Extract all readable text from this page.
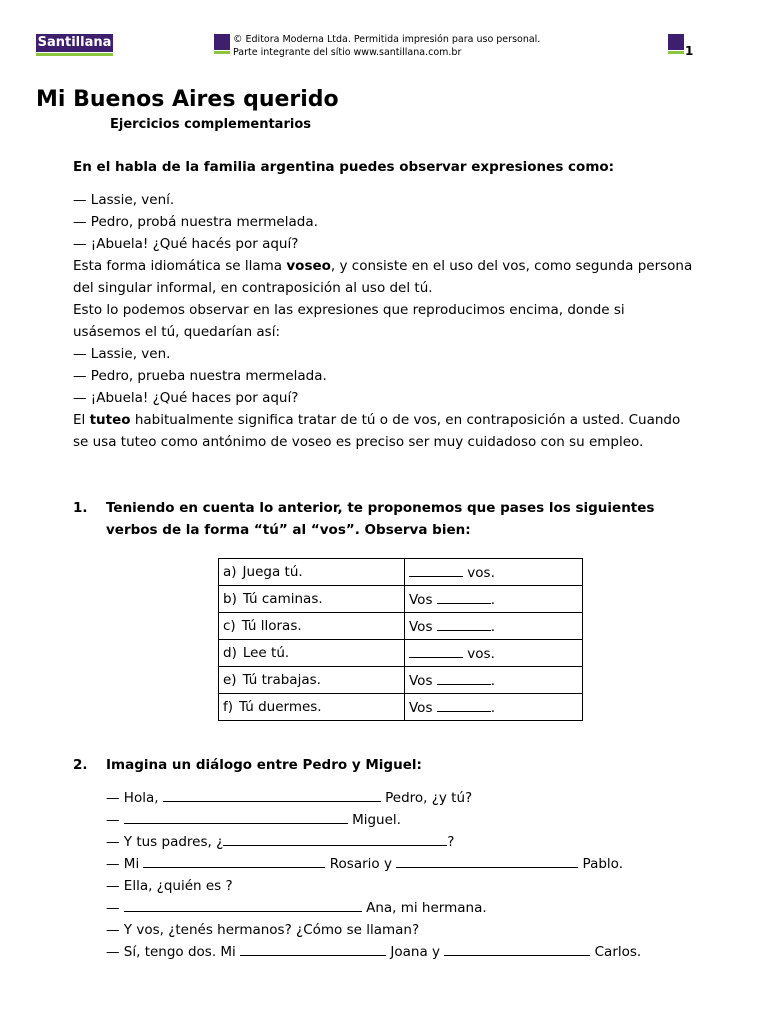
Santillana	© Editora Moderna Ltda. Permitida impresión para uso personal.
Parte integrante del sítio www.santillana.com.br	1
Mi Buenos Aires querido
Ejercicios complementarios
En el habla de la familia argentina puedes observar expresiones como:

— Lassie, vení.

— Pedro, probá nuestra mermelada.

— ¡Abuela! ¿Qué hacés por aquí?

Esta forma idiomática se llama voseo, y consiste en el uso del vos, como segunda persona del singular informal, en contraposición al uso del tú.

Esto lo podemos observar en las expresiones que reproducimos encima, donde si usásemos el tú, quedarían así:

— Lassie, ven.

— Pedro, prueba nuestra mermelada.

— ¡Abuela! ¿Qué haces por aquí?

El tuteo habitualmente significa tratar de tú o de vos, en contraposición a usted. Cuando se usa tuteo como antónimo de voseo es preciso ser muy cuidadoso con su empleo.

1. Teniendo en cuenta lo anterior, te proponemos que pases los siguientes
verbos de la forma “tú” al “vos”. Observa bien:
a) Juega tú.	vos.
b) Tú caminas.	Vos .
c) Tú lloras.	Vos .
d) Lee tú.	vos.
e) Tú trabajas.	Vos .
f) Tú duermes.	Vos .
2. Imagina un diálogo entre Pedro y Miguel:
— Hola,	Pedro, ¿y tú?
—	Miguel.
— Y tus padres, ¿	?
— Mi	Rosario y	Pablo.
— Ella, ¿quién es ?
—	Ana, mi hermana.
— Y vos, ¿tenés hermanos? ¿Cómo se llaman?
— Sí, tengo dos. Mi	Joana y	Carlos.
